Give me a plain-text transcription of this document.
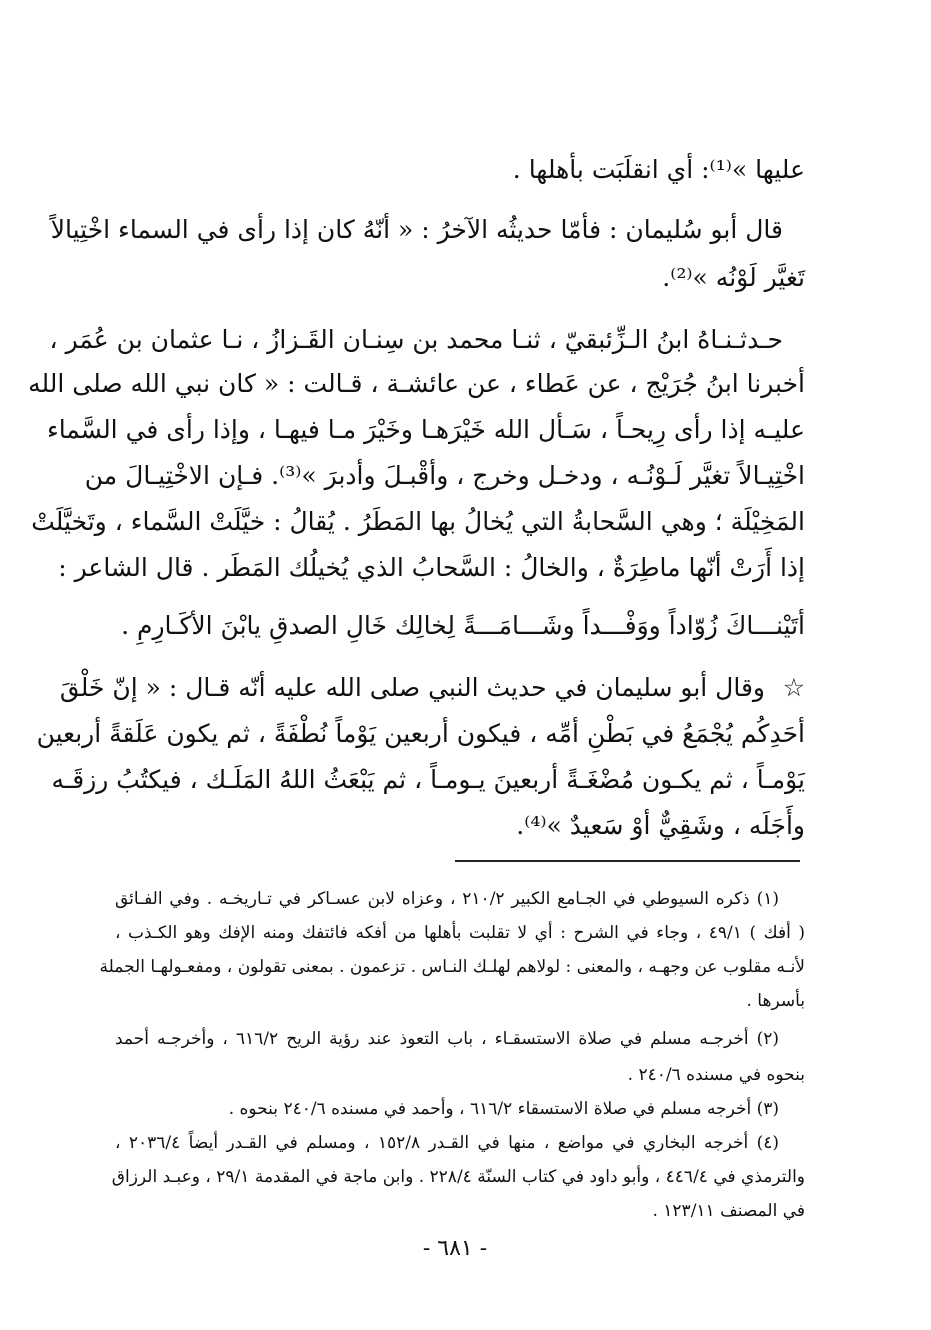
عليها »⁽¹⁾: أي انقلَبَت بأهلها .
قال أبو سُليمان : فأمّا حديثُه الآخرُ : « أنّهُ كان إذا رأى في السماء اخْتِيالاً
تَغيَّر لَوْنُه »⁽²⁾.
حـدثـنـاهُ ابنُ الـزِّئبقيّ ، ثنـا محمد بن سِنـان القَـزازُ ، نـا عثمان بن عُمَر ،
أخبرنا ابنُ جُرَيْج ، عن عَطاء ، عن عائشـة ، قـالت : « كان نبي الله صلى الله
عليـه إذا رأى رِيحـاً ، سَـأل الله خَيْرَهـا وخَيْرَ مـا فيهـا ، وإذا رأى في السَّماء
اخْتِيـالاً تغيَّر لَـوْنُـه ، ودخـل وخرج ، وأقْبـلَ وأدبرَ »⁽³⁾. فـإن الاخْتِيـالَ من
المَخِيْلَة ؛ وهي السَّحابةُ التي يُخالُ بها المَطَرُ . يُقالُ : خيَّلَتْ السَّماء ، وتَخيَّلَتْ
إذا أَرَتْ أنّها ماطِرَةٌ ، والخالُ : السَّحابُ الذي يُخيلُك المَطَر . قال الشاعر :
أتَيْنـــاكَ زُوّاداً ووَفْـــداً وشَـــامَـــةً
لِخالِك خَالِ الصدقِ يابْنَ الأكَـارِمِ .
☆
وقال أبو سليمان في حديث النبي صلى الله عليه أنّه قـال : « إنّ خَلْقَ
أحَدِكُم يُجْمَعُ في بَطْنِ أمِّه ، فيكون أربعين يَوْماً نُطْفَةً ، ثم يكون عَلَقةً أربعين
يَوْمـاً ، ثم يكـون مُضْغَـةً أربعينَ يـومـاً ، ثم يَبْعَثُ اللهُ المَلَـك ، فيكتُبُ رزقَـه
وأَجَلَه ، وشَقِيٌّ أوْ سَعيدٌ »⁽⁴⁾.
(١) ذكره السيوطي في الجـامع الكبير ٢١٠/٢ ، وعزاه لابن عسـاكر في تـاريخـه . وفي الفـائق
( أفك ) ٤٩/١ ، وجاء في الشرح : أي لا تقلبت بأهلها من أفكه فائتفك ومنه الإفك وهو الكـذب ،
لأنـه مقلوب عن وجهـه ، والمعنى : لولاهم لهلـك النـاس . تزعمون . بمعنى تقولون ، ومفعـولهـا الجملة
بأسرها .
(٢) أخرجـه مسلم في صلاة الاستسقـاء ، باب التعوذ عند رؤية الريح ٦١٦/٢ ، وأخرجـه أحمد
بنحوه في مسنده ٢٤٠/٦ .
(٣) أخرجه مسلم في صلاة الاستسقاء ٦١٦/٢ ، وأحمد في مسنده ٢٤٠/٦ بنحوه .
(٤) أخرجه البخاري في مواضع ، منها في القـدر ١٥٢/٨ ، ومسلم في القـدر أيضاً ٢٠٣٦/٤ ،
والترمذي في ٤٤٦/٤ ، وأبو داود في كتاب السنّة ٢٢٨/٤ . وابن ماجة في المقدمة ٢٩/١ ، وعبـد الرزاق
في المصنف ١٢٣/١١ .
- ٦٨١ -
